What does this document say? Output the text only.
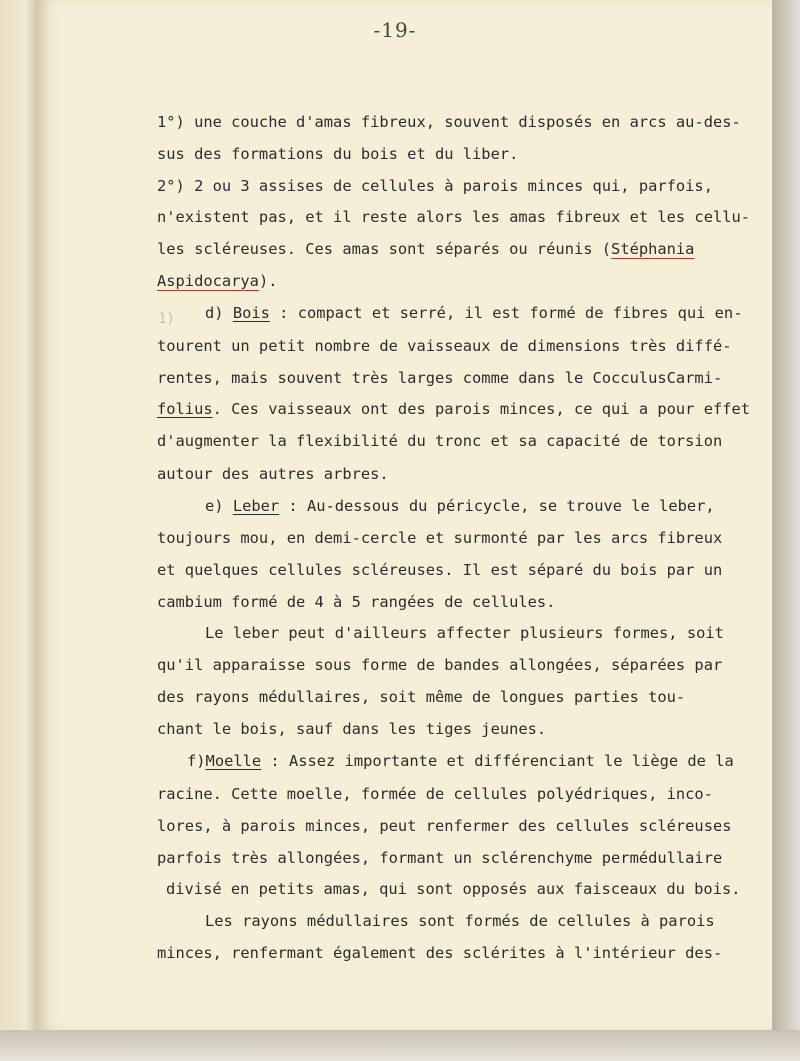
-19-
1)
1°) une couche d'amas fibreux, souvent disposés en arcs au-des-
sus des formations du bois et du liber.
2°) 2 ou 3 assises de cellules à parois minces qui, parfois,
n'existent pas, et il reste alors les amas fibreux et les cellu-
les scléreuses. Ces amas sont séparés ou réunis (Stéphania
Aspidocarya).
d) Bois : compact et serré, il est formé de fibres qui en-
tourent un petit nombre de vaisseaux de dimensions très diffé-
rentes, mais souvent très larges comme dans le CocculusCarmi-
folius. Ces vaisseaux ont des parois minces, ce qui a pour effet
d'augmenter la flexibilité du tronc et sa capacité de torsion
autour des autres arbres.
e) Leber : Au-dessous du péricycle, se trouve le leber,
toujours mou, en demi-cercle et surmonté par les arcs fibreux
et quelques cellules scléreuses. Il est séparé du bois par un
cambium formé de 4 à 5 rangées de cellules.
Le leber peut d'ailleurs affecter plusieurs formes, soit
qu'il apparaisse sous forme de bandes allongées, séparées par
des rayons médullaires, soit même de longues parties tou-
chant le bois, sauf dans les tiges jeunes.
f)Moelle : Assez importante et différenciant le liège de la
racine. Cette moelle, formée de cellules polyédriques, inco-
lores, à parois minces, peut renfermer des cellules scléreuses
parfois très allongées, formant un sclérenchyme permédullaire
divisé en petits amas, qui sont opposés aux faisceaux du bois.
Les rayons médullaires sont formés de cellules à parois
minces, renfermant également des sclérites à l'intérieur des-
